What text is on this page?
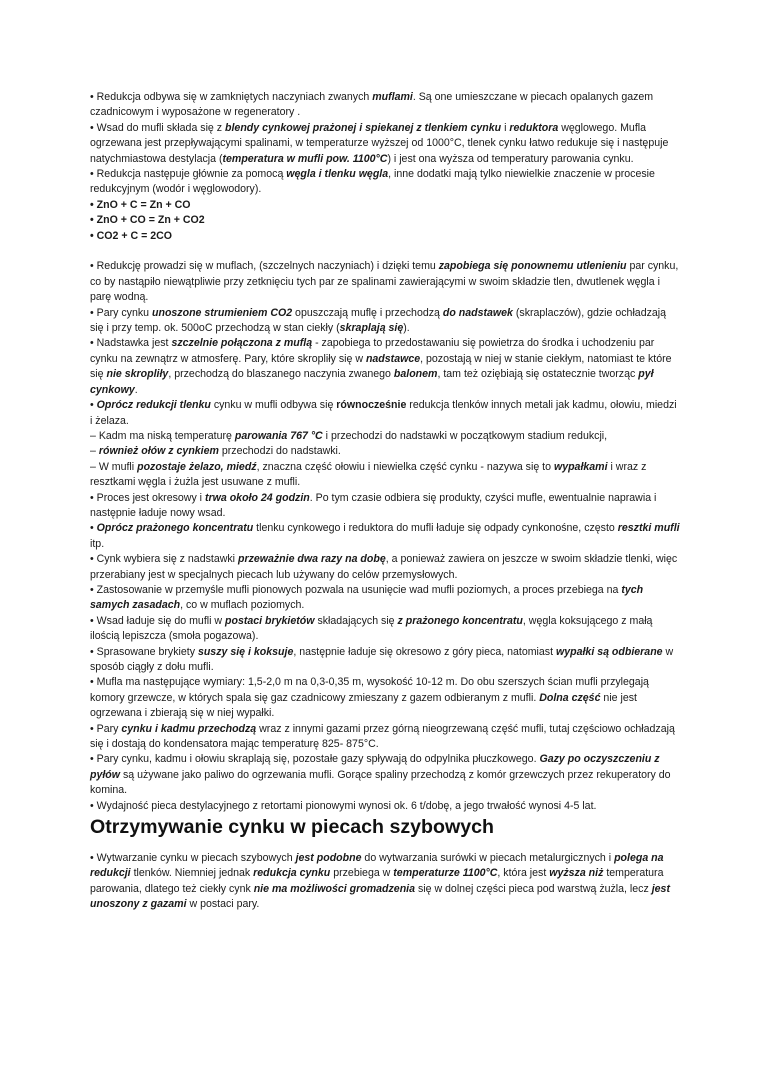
• Redukcja odbywa się w zamkniętych naczyniach zwanych muflami. Są one umieszczane w piecach opalanych gazem czadnicowym i wyposażone w regeneratory .

• Wsad do mufli składa się z blendy cynkowej prażonej i spiekanej z tlenkiem cynku i reduktora węglowego. Mufla ogrzewana jest przepływającymi spalinami, w temperaturze wyższej od 1000°C, tlenek cynku łatwo redukuje się i następuje natychmiastowa destylacja (temperatura w mufli pow. 1100°C) i jest ona wyższa od temperatury parowania cynku.

• Redukcja następuje głównie za pomocą węgla i tlenku węgla, inne dodatki mają tylko niewielkie znaczenie w procesie redukcyjnym (wodór i węglowodory).

• ZnO + C = Zn + CO

• ZnO + CO = Zn + CO2

• CO2 + C = 2CO

• Redukcję prowadzi się w muflach, (szczelnych naczyniach) i dzięki temu zapobiega się ponownemu utlenieniu par cynku, co by nastąpiło niewątpliwie przy zetknięciu tych par ze spalinami zawierającymi w swoim składzie tlen, dwutlenek węgla i parę wodną.

• Pary cynku unoszone strumieniem CO2 opuszczają muflę i przechodzą do nadstawek (skraplaczów), gdzie ochładzają się i przy temp. ok. 500oC przechodzą w stan ciekły (skraplają się).

• Nadstawka jest szczelnie połączona z muflą - zapobiega to przedostawaniu się powietrza do środka i uchodzeniu par cynku na zewnątrz w atmosferę. Pary, które skropliły się w nadstawce, pozostają w niej w stanie ciekłym, natomiast te które się nie skropliły, przechodzą do blaszanego naczynia zwanego balonem, tam też oziębiają się ostatecznie tworząc pył cynkowy.

• Oprócz redukcji tlenku cynku w mufli odbywa się równocześnie redukcja tlenków innych metali jak kadmu, ołowiu, miedzi i żelaza.

– Kadm ma niską temperaturę parowania 767 °C i przechodzi do nadstawki w początkowym stadium redukcji,

– również ołów z cynkiem przechodzi do nadstawki.

– W mufli pozostaje żelazo, miedź, znaczna część ołowiu i niewielka część cynku - nazywa się to wypałkami i wraz z resztkami węgla i żużla jest usuwane z mufli.

• Proces jest okresowy i trwa około 24 godzin. Po tym czasie odbiera się produkty, czyści mufle, ewentualnie naprawia i następnie ładuje nowy wsad.

• Oprócz prażonego koncentratu tlenku cynkowego i reduktora do mufli ładuje się odpady cynkonośne, często resztki mufli itp.

• Cynk wybiera się z nadstawki przeważnie dwa razy na dobę, a ponieważ zawiera on jeszcze w swoim składzie tlenki, więc przerabiany jest w specjalnych piecach lub używany do celów przemysłowych.

• Zastosowanie w przemyśle mufli pionowych pozwala na usunięcie wad mufli poziomych, a proces przebiega na tych samych zasadach, co w muflach poziomych.

• Wsad ładuje się do mufli w postaci brykietów składających się z prażonego koncentratu, węgla koksującego z małą ilością lepiszcza (smoła pogazowa).

• Sprasowane brykiety suszy się i koksuje, następnie ładuje się okresowo z góry pieca, natomiast wypałki są odbierane w sposób ciągły z dołu mufli.

• Mufla ma następujące wymiary: 1,5-2,0 m na 0,3-0,35 m, wysokość 10-12 m. Do obu szerszych ścian mufli przylegają komory grzewcze, w których spala się gaz czadnicowy zmieszany z gazem odbieranym z mufli. Dolna część nie jest ogrzewana i zbierają się w niej wypałki.

• Pary cynku i kadmu przechodzą wraz z innymi gazami przez górną nieogrzewaną część mufli, tutaj częściowo ochładzają się i dostają do kondensatora mając temperaturę 825- 875°C.

• Pary cynku, kadmu i ołowiu skraplają się, pozostałe gazy spływają do odpylnika płuczkowego. Gazy po oczyszczeniu z pyłów są używane jako paliwo do ogrzewania mufli. Gorące spaliny przechodzą z komór grzewczych przez rekuperatory do komina.

• Wydajność pieca destylacyjnego z retortami pionowymi wynosi ok. 6 t/dobę, a jego trwałość wynosi 4-5 lat.

Otrzymywanie cynku w piecach szybowych

• Wytwarzanie cynku w piecach szybowych jest podobne do wytwarzania surówki w piecach metalurgicznych i polega na redukcji tlenków. Niemniej jednak redukcja cynku przebiega w temperaturze 1100°C, która jest wyższa niż temperatura parowania, dlatego też ciekły cynk nie ma możliwości gromadzenia się w dolnej części pieca pod warstwą żużla, lecz jest unoszony z gazami w postaci pary.
